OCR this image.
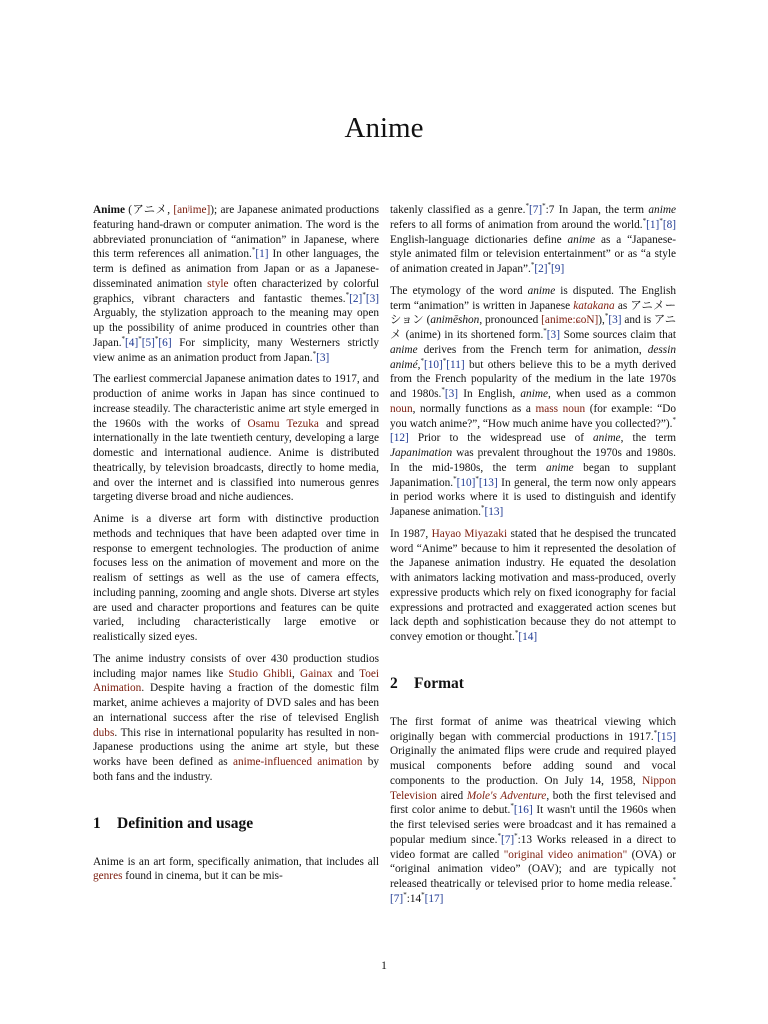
Anime

Anime (アニメ, [anʲime]); are Japanese animated productions featuring hand-drawn or computer animation. The word is the abbreviated pronunciation of “animation” in Japanese, where this term references all animation.*[1] In other languages, the term is defined as animation from Japan or as a Japanese-disseminated animation style often characterized by colorful graphics, vibrant characters and fantastic themes.*[2]*[3] Arguably, the stylization approach to the meaning may open up the possibility of anime produced in countries other than Japan.*[4]*[5]*[6] For simplicity, many Westerners strictly view anime as an animation product from Japan.*[3]

The earliest commercial Japanese animation dates to 1917, and production of anime works in Japan has since continued to increase steadily. The characteristic anime art style emerged in the 1960s with the works of Osamu Tezuka and spread internationally in the late twentieth century, developing a large domestic and international audience. Anime is distributed theatrically, by television broadcasts, directly to home media, and over the internet and is classified into numerous genres targeting diverse broad and niche audiences.

Anime is a diverse art form with distinctive production methods and techniques that have been adapted over time in response to emergent technologies. The production of anime focuses less on the animation of movement and more on the realism of settings as well as the use of camera effects, including panning, zooming and angle shots. Diverse art styles are used and character proportions and features can be quite varied, including characteristically large emotive or realistically sized eyes.

The anime industry consists of over 430 production studios including major names like Studio Ghibli, Gainax and Toei Animation. Despite having a fraction of the domestic film market, anime achieves a majority of DVD sales and has been an international success after the rise of televised English dubs. This rise in international popularity has resulted in non-Japanese productions using the anime art style, but these works have been defined as anime-influenced animation by both fans and the industry.

1 Definition and usage

Anime is an art form, specifically animation, that includes all genres found in cinema, but it can be mis-

takenly classified as a genre.*[7]*:7 In Japan, the term anime refers to all forms of animation from around the world.*[1]*[8] English-language dictionaries define anime as a “Japanese-style animated film or television entertainment” or as “a style of animation created in Japan”.*[2]*[9]

The etymology of the word anime is disputed. The English term “animation” is written in Japanese katakana as アニメーション (animēshon, pronounced [anime:ɕoN]),*[3] and is アニメ (anime) in its shortened form.*[3] Some sources claim that anime derives from the French term for animation, dessin animé,*[10]*[11] but others believe this to be a myth derived from the French popularity of the medium in the late 1970s and 1980s.*[3] In English, anime, when used as a common noun, normally functions as a mass noun (for example: “Do you watch anime?”, “How much anime have you collected?”).*[12] Prior to the widespread use of anime, the term Japanimation was prevalent throughout the 1970s and 1980s. In the mid-1980s, the term anime began to supplant Japanimation.*[10]*[13] In general, the term now only appears in period works where it is used to distinguish and identify Japanese animation.*[13]

In 1987, Hayao Miyazaki stated that he despised the truncated word “Anime” because to him it represented the desolation of the Japanese animation industry. He equated the desolation with animators lacking motivation and mass-produced, overly expressive products which rely on fixed iconography for facial expressions and protracted and exaggerated action scenes but lack depth and sophistication because they do not attempt to convey emotion or thought.*[14]

2 Format

The first format of anime was theatrical viewing which originally began with commercial productions in 1917.*[15] Originally the animated flips were crude and required played musical components before adding sound and vocal components to the production. On July 14, 1958, Nippon Television aired Mole's Adventure, both the first televised and first color anime to debut.*[16] It wasn't until the 1960s when the first televised series were broadcast and it has remained a popular medium since.*[7]*:13 Works released in a direct to video format are called "original video animation" (OVA) or “original animation video” (OAV); and are typically not released theatrically or televised prior to home media release.*[7]*:14*[17]

1
